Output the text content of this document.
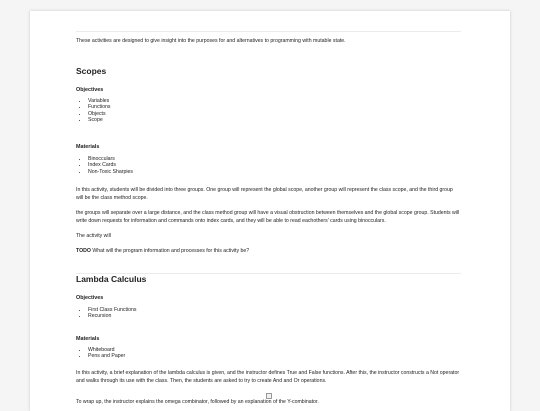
These activities are designed to give insight into the purposes for and alternatives to programming with mutable state.

Scopes
Objectives
• Variables
• Functions
• Objects
• Scope
Materials
• Binocculars
• Index Cards
• Non-Toxic Sharpies

In this activity, students will be divided into three groups. One group will represent the global scope, another group will represent the class scope, and the third group will be the class method scope.

the groups will separate over a large distance, and the class method group will have a visual obstruction between themselves and the global scope group. Students will write down requests for information and commands onto index cards, and they will be able to read eachothers' cards using binocculars.

The activity will

TODO What will the program information and processes for this activity be?

Lambda Calculus
Objectives
• First Class Functions
• Recursion
Materials
• Whiteboard
• Pens and Paper

In this activity, a brief explanation of the lambda calculus is given, and the instructor defines True and False functions. After this, the instructor constructs a Not operator and walks through its use with the class. Then, the students are asked to try to create And and Or operations.

To wrap up, the instructor explains the omega combinator, followed by an explanation of the Y-combinator.
